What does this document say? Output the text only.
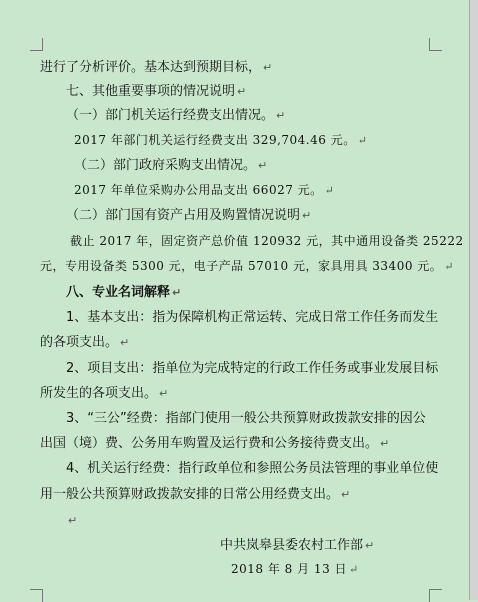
进行了分析评价。基本达到预期目标， ↵
七、其他重要事项的情况说明 ↵
（一）部门机关运行经费支出情况。 ↵
2017 年部门机关运行经费支出 329,704.46 元。 ↵
（二）部门政府采购支出情况。 ↵
2017 年单位采购办公用品支出 66027 元。 ↵
（二）部门国有资产占用及购置情况说明 ↵
截止 2017 年，固定资产总价值 120932 元，其中通用设备类 25222
元，专用设备类 5300 元，电子产品 57010 元，家具用具 33400 元。 ↵
八、专业名词解释 ↵
1、基本支出：指为保障机构正常运转、完成日常工作任务而发生
的各项支出。 ↵
2、项目支出：指单位为完成特定的行政工作任务或事业发展目标
所发生的各项支出。 ↵
3、“三公”经费：指部门使用一般公共预算财政拨款安排的因公
出国（境）费、公务用车购置及运行费和公务接待费支出。 ↵
4、机关运行经费：指行政单位和参照公务员法管理的事业单位使
用一般公共预算财政拨款安排的日常公用经费支出。 ↵
↵
中共岚皋县委农村工作部 ↵
2018 年 8 月 13 日 ↵
